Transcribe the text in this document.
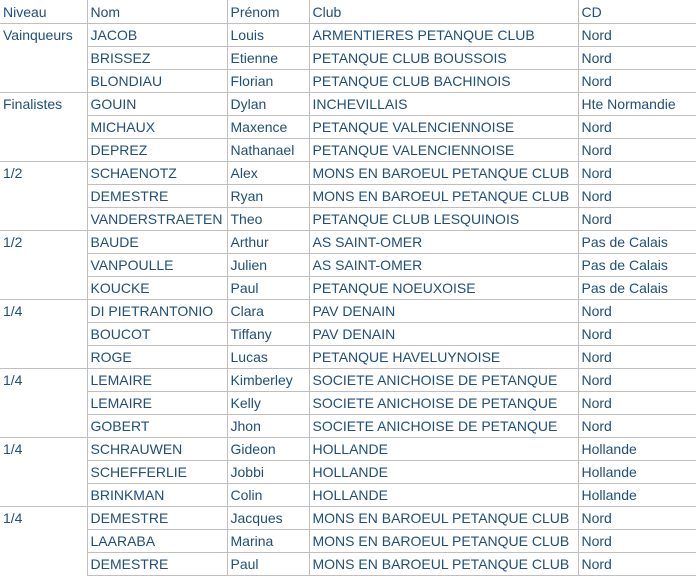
Niveau	Nom	Prénom	Club	CD
Vainqueurs	JACOB	Louis	ARMENTIERES PETANQUE CLUB	Nord
	BRISSEZ	Etienne	PETANQUE CLUB BOUSSOIS	Nord
	BLONDIAU	Florian	PETANQUE CLUB BACHINOIS	Nord
Finalistes	GOUIN	Dylan	INCHEVILLAIS	Hte Normandie
	MICHAUX	Maxence	PETANQUE VALENCIENNOISE	Nord
	DEPREZ	Nathanael	PETANQUE VALENCIENNOISE	Nord
1/2	SCHAENOTZ	Alex	MONS EN BAROEUL PETANQUE CLUB	Nord
	DEMESTRE	Ryan	MONS EN BAROEUL PETANQUE CLUB	Nord
	VANDERSTRAETEN	Theo	PETANQUE CLUB LESQUINOIS	Nord
1/2	BAUDE	Arthur	AS SAINT-OMER	Pas de Calais
	VANPOULLE	Julien	AS SAINT-OMER	Pas de Calais
	KOUCKE	Paul	PETANQUE NOEUXOISE	Pas de Calais
1/4	DI PIETRANTONIO	Clara	PAV DENAIN	Nord
	BOUCOT	Tiffany	PAV DENAIN	Nord
	ROGE	Lucas	PETANQUE HAVELUYNOISE	Nord
1/4	LEMAIRE	Kimberley	SOCIETE ANICHOISE DE PETANQUE	Nord
	LEMAIRE	Kelly	SOCIETE ANICHOISE DE PETANQUE	Nord
	GOBERT	Jhon	SOCIETE ANICHOISE DE PETANQUE	Nord
1/4	SCHRAUWEN	Gideon	HOLLANDE	Hollande
	SCHEFFERLIE	Jobbi	HOLLANDE	Hollande
	BRINKMAN	Colin	HOLLANDE	Hollande
1/4	DEMESTRE	Jacques	MONS EN BAROEUL PETANQUE CLUB	Nord
	LAARABA	Marina	MONS EN BAROEUL PETANQUE CLUB	Nord
	DEMESTRE	Paul	MONS EN BAROEUL PETANQUE CLUB	Nord
